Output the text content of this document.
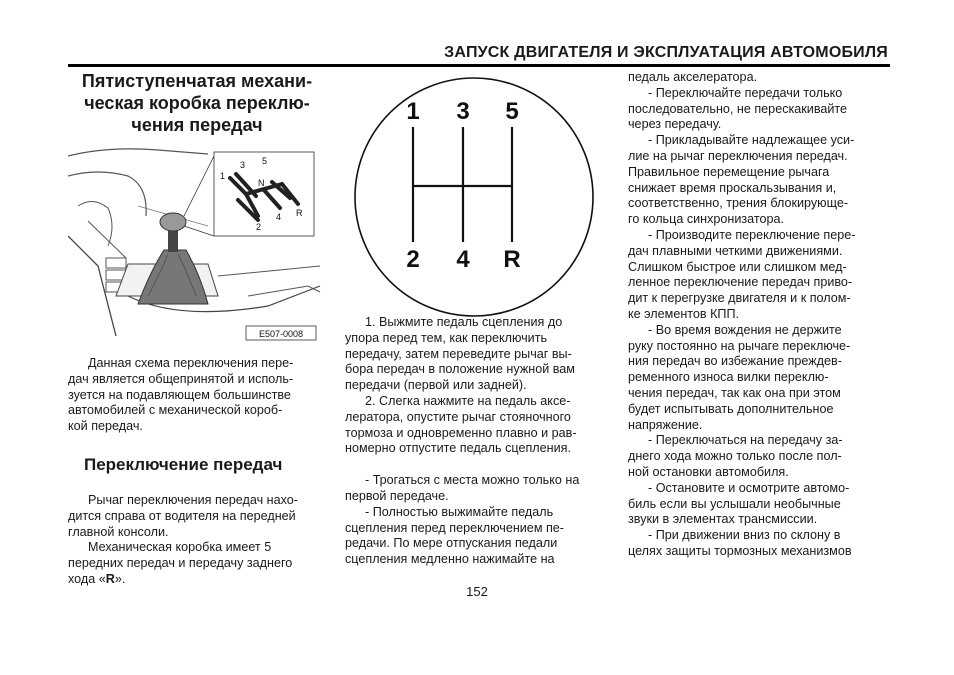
ЗАПУСК ДВИГАТЕЛЯ И ЭКСПЛУАТАЦИЯ АВТОМОБИЛЯ
Пятиступенчатая механи-
ческая коробка переклю-
чения передач
1
3 5
N
2
4 R
E507-0008

Данная схема переключения пере-
дач является общепринятой и исполь-
зуется на подавляющем большинстве
автомобилей с механической короб-
кой передач.

Переключение передач

Рычаг переключения передач нахо-
дится справа от водителя на передней
главной консоли.

Механическая коробка имеет 5
передних передач и передачу заднего
хода «R».

1 3 5
2 4 R

1. Выжмите педаль сцепления до
упора перед тем, как переключить
передачу, затем переведите рычаг вы-
бора передач в положение нужной вам
передачи (первой или задней).

2. Слегка нажмите на педаль аксе-
лератора, опустите рычаг стояночного
тормоза и одновременно плавно и рав-
номерно отпустите педаль сцепления.

- Трогаться с места можно только на
первой передаче.

- Полностью выжимайте педаль
сцепления перед переключением пе-
редачи. По мере отпускания педали
сцепления медленно нажимайте на

педаль акселератора.

- Переключайте передачи только
последовательно, не перескакивайте
через передачу.

- Прикладывайте надлежащее уси-
лие на рычаг переключения передач.
Правильное перемещение рычага
снижает время проскальзывания и,
соответственно, трения блокирующе-
го кольца синхронизатора.

- Производите переключение пере-
дач плавными четкими движениями.
Слишком быстрое или слишком мед-
ленное переключение передач приво-
дит к перегрузке двигателя и к полом-
ке элементов КПП.

- Во время вождения не держите
руку постоянно на рычаге переключе-
ния передач во избежание преждев-
ременного износа вилки переклю-
чения передач, так как она при этом
будет испытывать дополнительное
напряжение.

- Переключаться на передачу за-
днего хода можно только после пол-
ной остановки автомобиля.

- Остановите и осмотрите автомо-
биль если вы услышали необычные
звуки в элементах трансмиссии.

- При движении вниз по склону в
целях защиты тормозных механизмов

152
